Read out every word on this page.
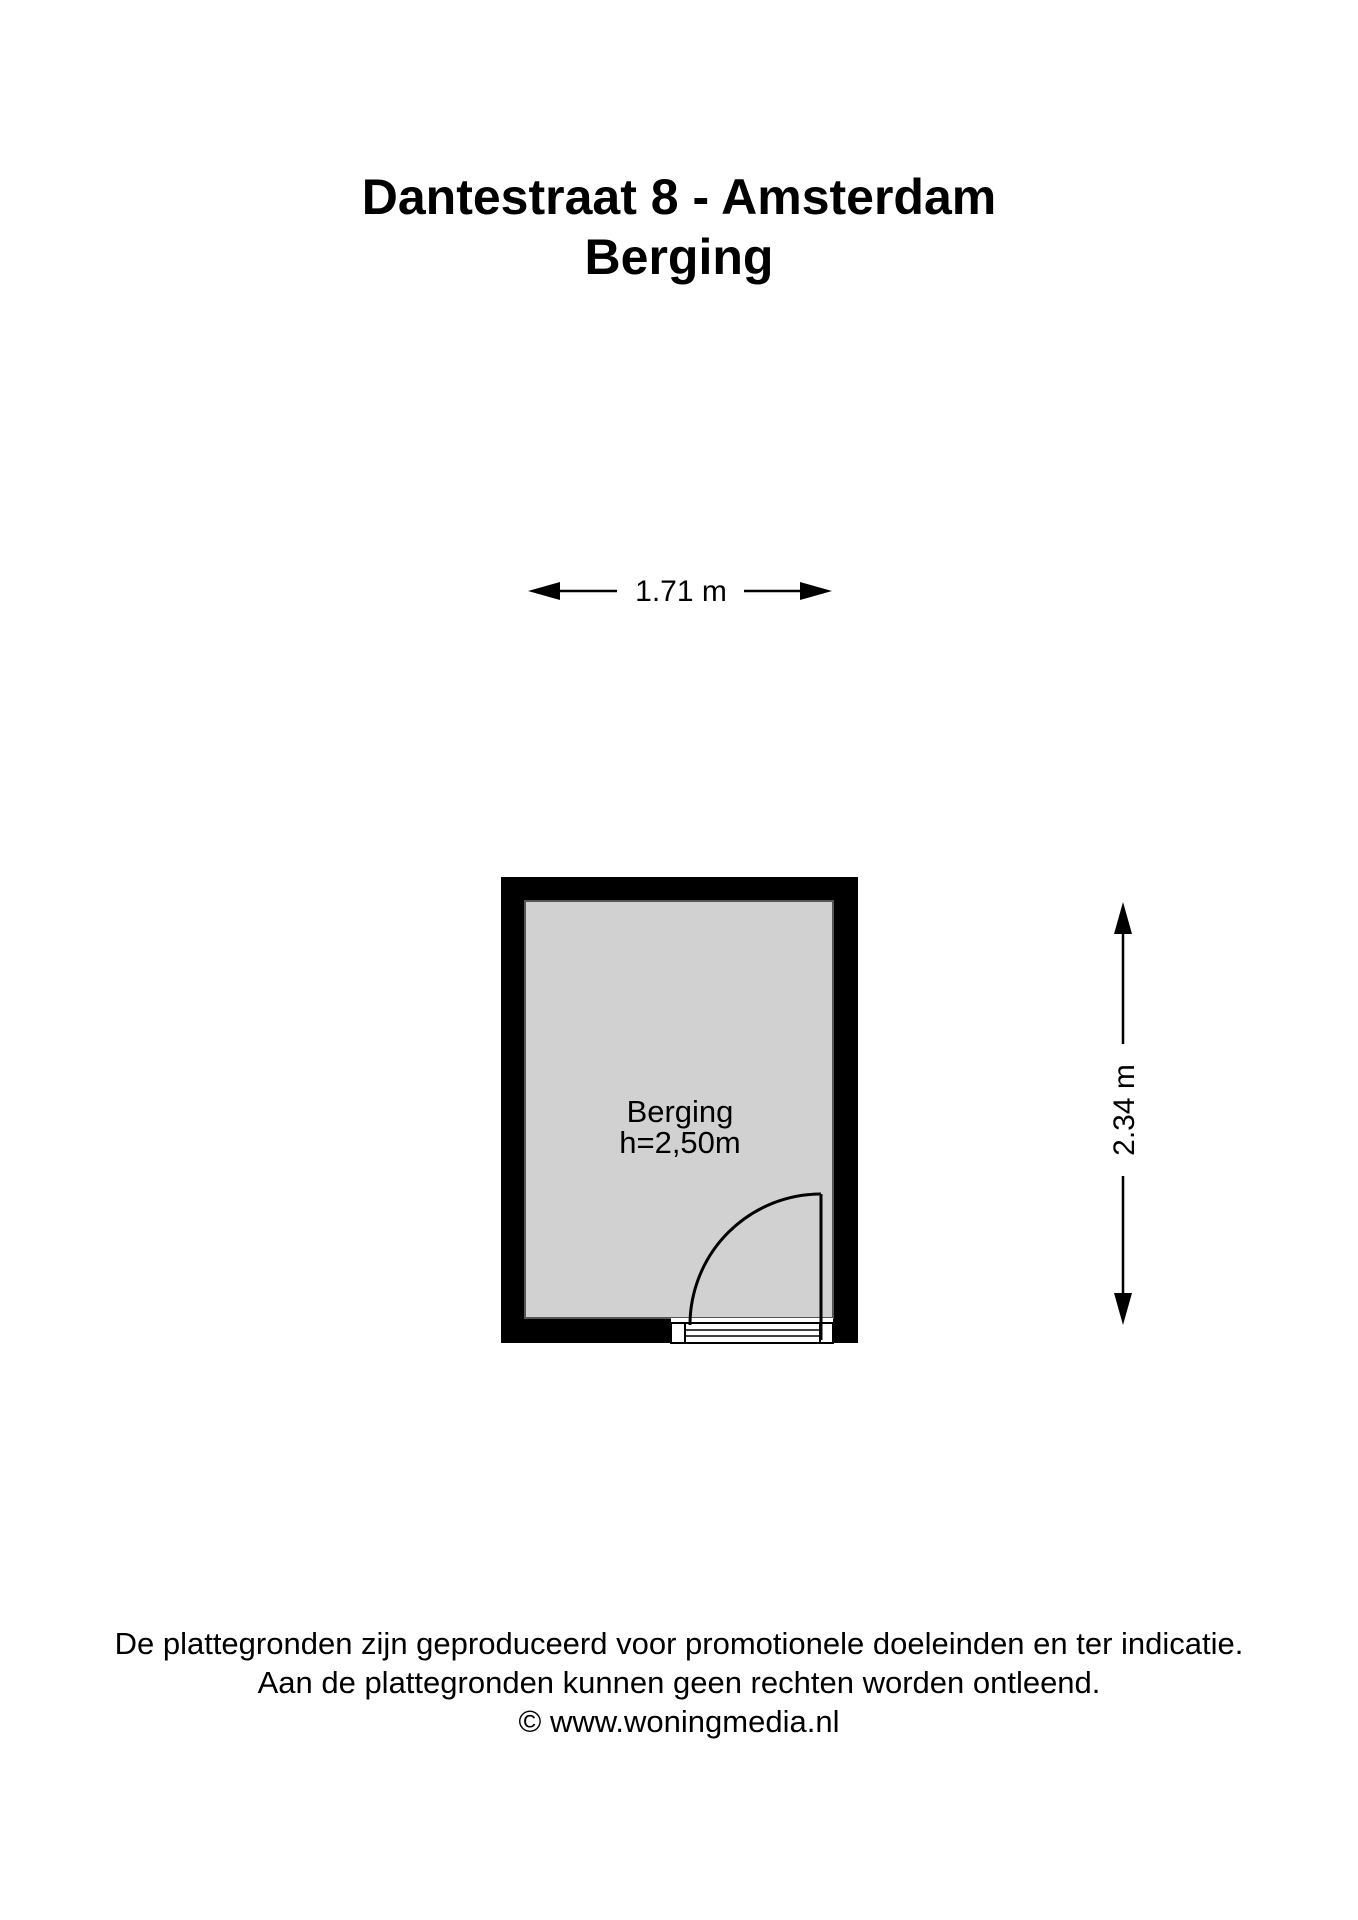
Dantestraat 8 - Amsterdam
Berging
1.71 m
Berging
h=2,50m	2.34 m
De plattegronden zijn geproduceerd voor promotionele doeleinden en ter indicatie.
Aan de plattegronden kunnen geen rechten worden ontleend.
© www.woningmedia.nl
